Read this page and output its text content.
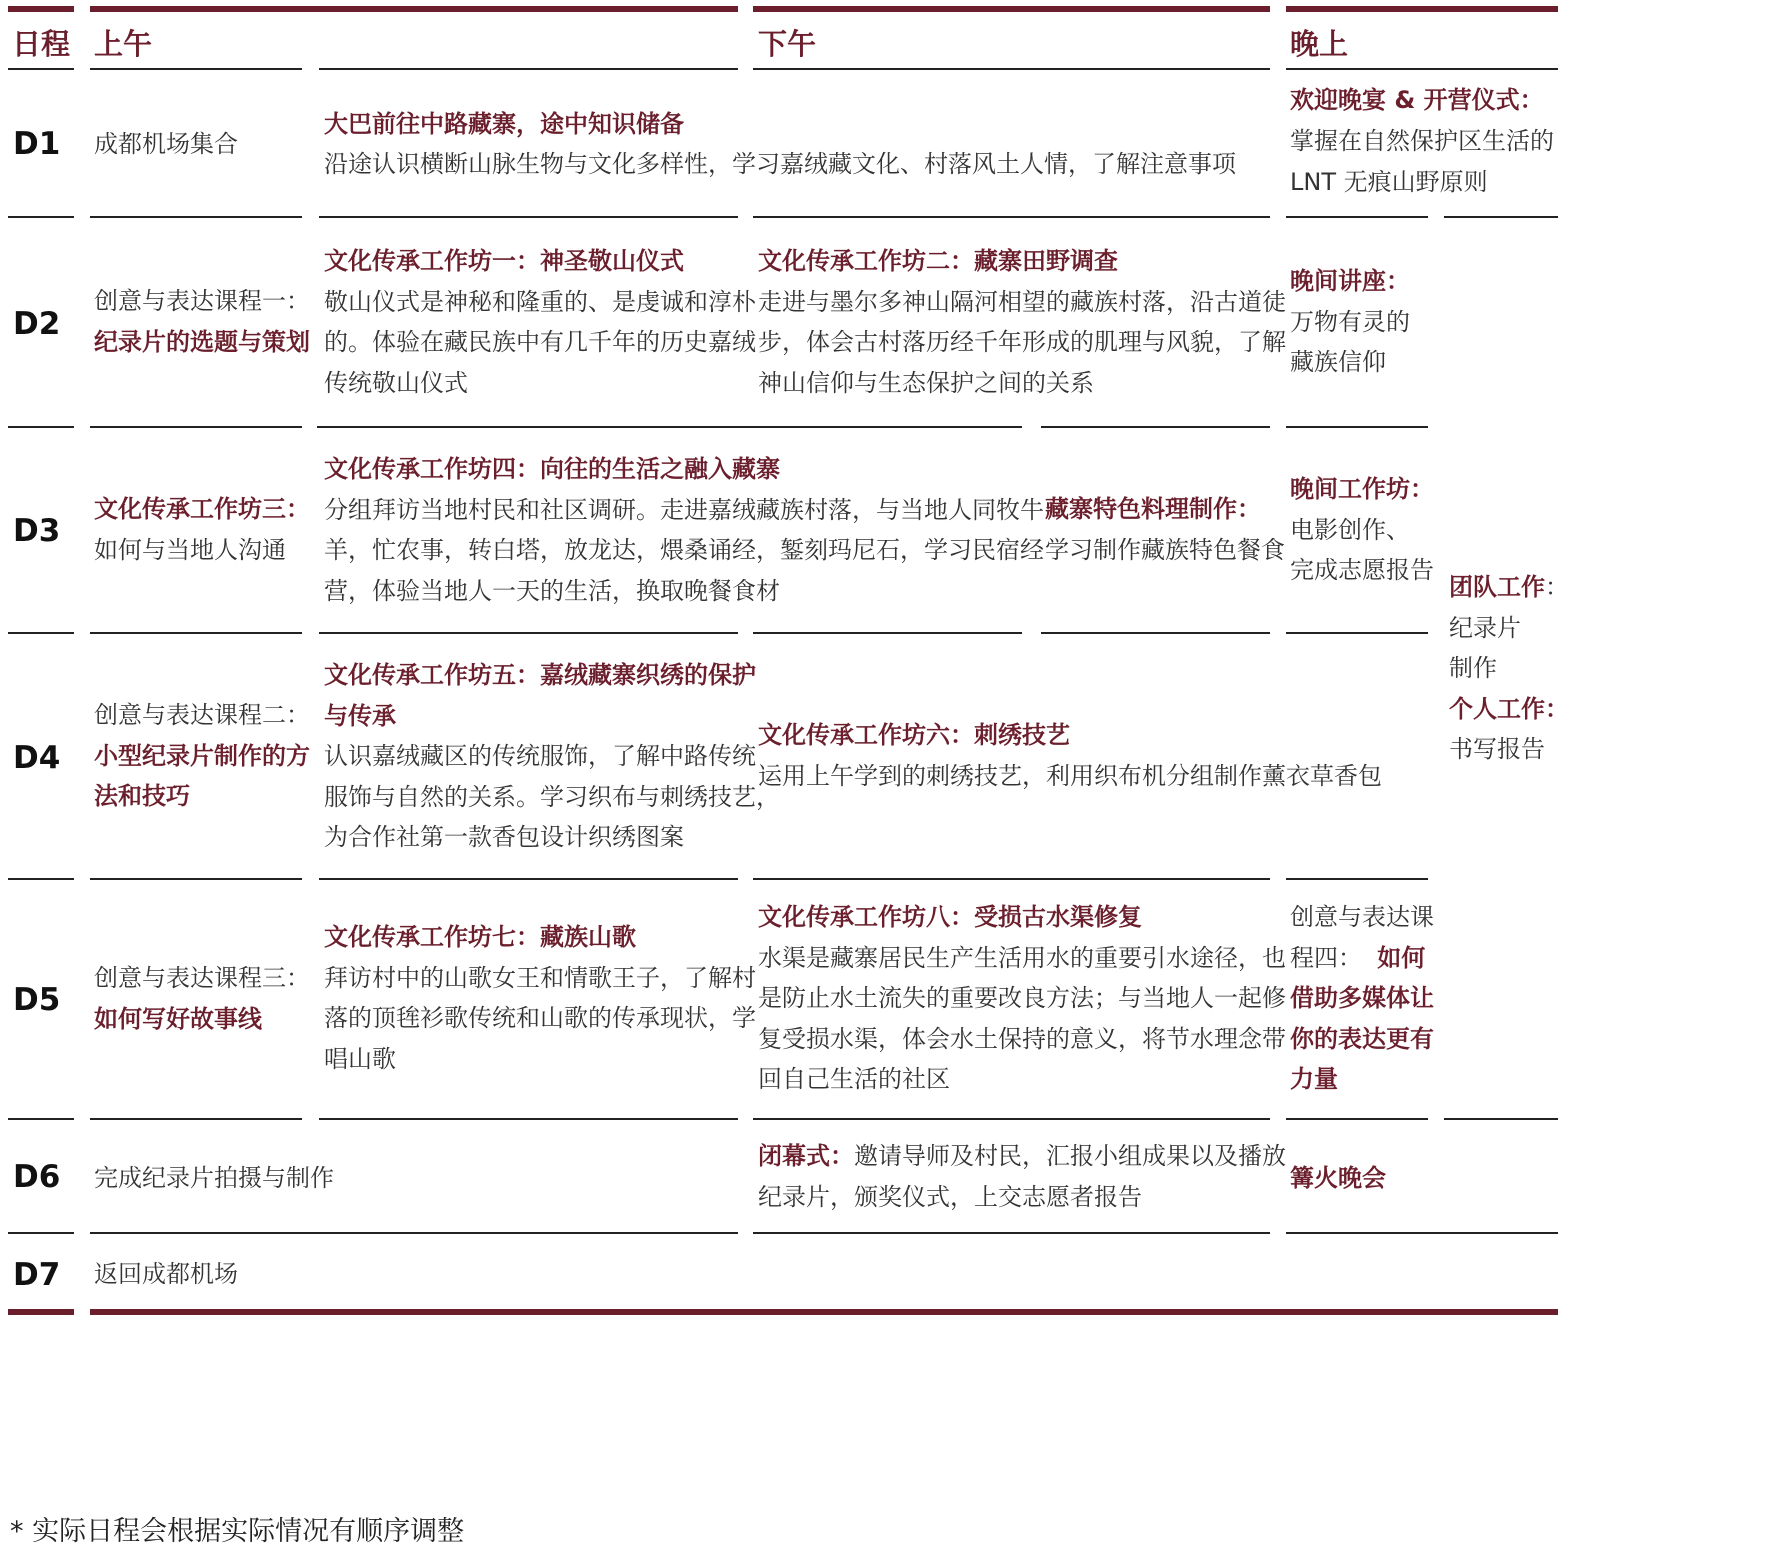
日程 上午	下午	晚上
D1 成都机场集合
大巴前往中路藏寨，途中知识储备
沿途认识横断山脉生物与文化多样性，学习嘉绒藏文化、村落风土人情，了解注意事项
欢迎晚宴 & 开营仪式：
掌握在自然保护区生活的
LNT 无痕山野原则
D2
创意与表达课程一：
纪录片的选题与策划
文化传承工作坊一：神圣敬山仪式
敬山仪式是神秘和隆重的、是虔诚和淳朴
的。体验在藏民族中有几千年的历史嘉绒
传统敬山仪式
文化传承工作坊二：藏寨田野调查
走进与墨尔多神山隔河相望的藏族村落，沿古道徒
步，体会古村落历经千年形成的肌理与风貌，了解
神山信仰与生态保护之间的关系
晚间讲座：
万物有灵的
藏族信仰
D3
文化传承工作坊三：
如何与当地人沟通
文化传承工作坊四：向往的生活之融入藏寨
分组拜访当地村民和社区调研。走进嘉绒藏族村落，与当地人同牧牛
羊，忙农事，转白塔，放龙达，煨桑诵经，錾刻玛尼石，学习民宿经
营，体验当地人一天的生活，换取晚餐食材
藏寨特色料理制作：
学习制作藏族特色餐食
晚间工作坊：
电影创作、
完成志愿报告
团队工作：
纪录片
制作
个人工作：
书写报告
D4
创意与表达课程二：
小型纪录片制作的方
法和技巧
文化传承工作坊五：嘉绒藏寨织绣的保护
与传承
认识嘉绒藏区的传统服饰，了解中路传统
服饰与自然的关系。学习织布与刺绣技艺，
为合作社第一款香包设计织绣图案
文化传承工作坊六：刺绣技艺
运用上午学到的刺绣技艺，利用织布机分组制作薰衣草香包
D5
创意与表达课程三：
如何写好故事线
文化传承工作坊七：藏族山歌
拜访村中的山歌女王和情歌王子，了解村
落的顶毪衫歌传统和山歌的传承现状，学
唱山歌
文化传承工作坊八：受损古水渠修复
水渠是藏寨居民生产生活用水的重要引水途径，也
是防止水土流失的重要改良方法；与当地人一起修
复受损水渠，体会水土保持的意义，将节水理念带
回自己生活的社区
创意与表达课
程四： 如何
借助多媒体让
你的表达更有
力量
D6 完成纪录片拍摄与制作
闭幕式：邀请导师及村民，汇报小组成果以及播放
纪录片，颁奖仪式，上交志愿者报告
篝火晚会
D7 返回成都机场
* 实际日程会根据实际情况有顺序调整
